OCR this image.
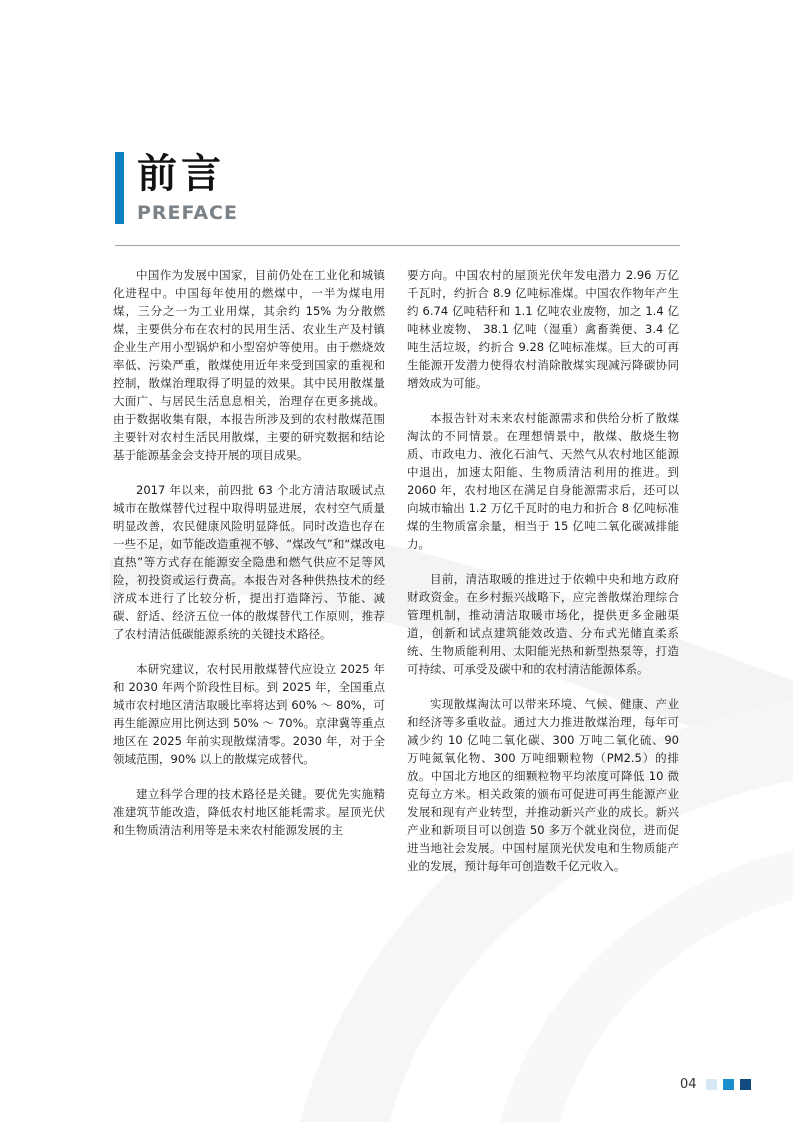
前言
PREFACE

中国作为发展中国家，目前仍处在工业化和城镇化进程中。中国每年使用的燃煤中，一半为煤电用煤，三分之一为工业用煤，其余约 15% 为分散燃煤，主要供分布在农村的民用生活、农业生产及村镇企业生产用小型锅炉和小型窑炉等使用。由于燃烧效率低、污染严重，散煤使用近年来受到国家的重视和控制，散煤治理取得了明显的效果。其中民用散煤量大面广、与居民生活息息相关，治理存在更多挑战。由于数据收集有限，本报告所涉及到的农村散煤范围主要针对农村生活民用散煤，主要的研究数据和结论基于能源基金会支持开展的项目成果。

2017 年以来，前四批 63 个北方清洁取暖试点城市在散煤替代过程中取得明显进展，农村空气质量明显改善，农民健康风险明显降低。同时改造也存在一些不足，如节能改造重视不够、“煤改气”和“煤改电直热”等方式存在能源安全隐患和燃气供应不足等风险，初投资或运行费高。本报告对各种供热技术的经济成本进行了比较分析，提出打造降污、节能、减碳、舒适、经济五位一体的散煤替代工作原则，推荐了农村清洁低碳能源系统的关键技术路径。

本研究建议，农村民用散煤替代应设立 2025 年和 2030 年两个阶段性目标。到 2025 年，全国重点城市农村地区清洁取暖比率将达到 60% ～ 80%，可再生能源应用比例达到 50% ～ 70%。京津冀等重点地区在 2025 年前实现散煤清零。2030 年，对于全领域范围，90% 以上的散煤完成替代。

建立科学合理的技术路径是关键。要优先实施精准建筑节能改造，降低农村地区能耗需求。屋顶光伏和生物质清洁利用等是未来农村能源发展的主

要方向。中国农村的屋顶光伏年发电潜力 2.96 万亿千瓦时，约折合 8.9 亿吨标准煤。中国农作物年产生约 6.74 亿吨秸秆和 1.1 亿吨农业废物，加之 1.4 亿吨林业废物、 38.1 亿吨（湿重）禽畜粪便、3.4 亿吨生活垃圾，约折合 9.28 亿吨标准煤。巨大的可再生能源开发潜力使得农村消除散煤实现减污降碳协同增效成为可能。

本报告针对未来农村能源需求和供给分析了散煤淘汰的不同情景。在理想情景中，散煤、散烧生物质、市政电力、液化石油气、天然气从农村地区能源中退出，加速太阳能、生物质清洁利用的推进。到 2060 年，农村地区在满足自身能源需求后，还可以向城市输出 1.2 万亿千瓦时的电力和折合 8 亿吨标准煤的生物质富余量，相当于 15 亿吨二氧化碳减排能力。

目前，清洁取暖的推进过于依赖中央和地方政府财政资金。在乡村振兴战略下，应完善散煤治理综合管理机制，推动清洁取暖市场化，提供更多金融渠道，创新和试点建筑能效改造、分布式光储直柔系统、生物质能利用、太阳能光热和新型热泵等，打造可持续、可承受及碳中和的农村清洁能源体系。

实现散煤淘汰可以带来环境、气候、健康、产业和经济等多重收益。通过大力推进散煤治理，每年可减少约 10 亿吨二氧化碳、300 万吨二氧化硫、90 万吨氮氧化物、300 万吨细颗粒物（PM2.5）的排放。中国北方地区的细颗粒物平均浓度可降低 10 微克每立方米。相关政策的颁布可促进可再生能源产业发展和现有产业转型，并推动新兴产业的成长。新兴产业和新项目可以创造 50 多万个就业岗位，进而促进当地社会发展。中国村屋顶光伏发电和生物质能产业的发展，预计每年可创造数千亿元收入。

04
